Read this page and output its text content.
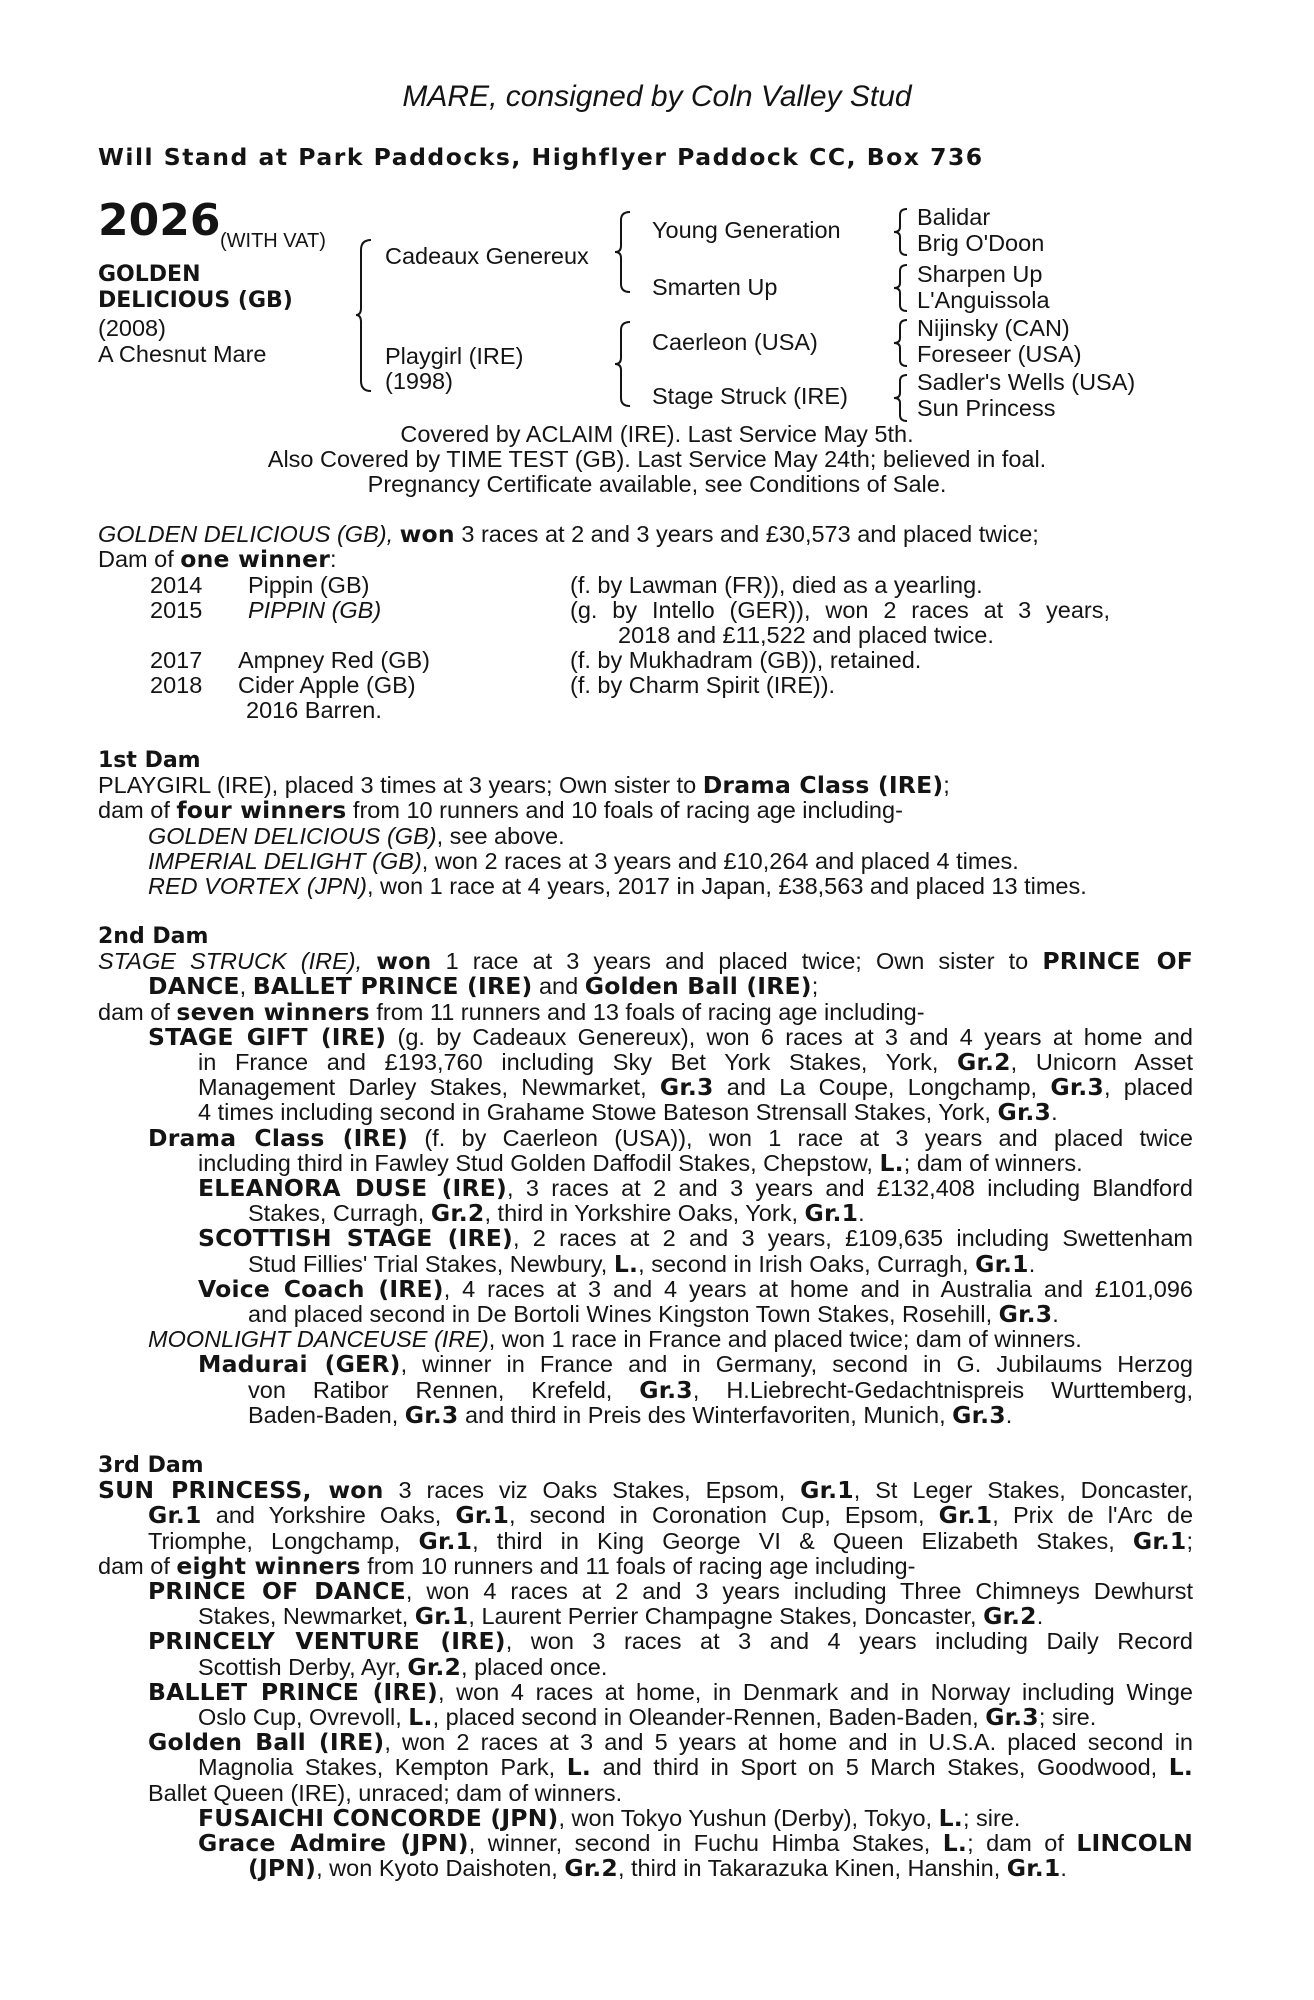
MARE, consigned by Coln Valley Stud
Will Stand at Park Paddocks, Highflyer Paddock CC, Box 736
2026 (WITH VAT)
GOLDEN
DELICIOUS (GB)
(2008)
A Chesnut Mare
Cadeaux Genereux
Playgirl (IRE)
(1998)
Young Generation
Smarten Up
Caerleon (USA)
Stage Struck (IRE)
Balidar
Brig O'Doon
Sharpen Up
L'Anguissola
Nijinsky (CAN)
Foreseer (USA)
Sadler's Wells (USA)
Sun Princess
Covered by ACLAIM (IRE). Last Service May 5th.
Also Covered by TIME TEST (GB). Last Service May 24th; believed in foal.
Pregnancy Certificate available, see Conditions of Sale.
GOLDEN DELICIOUS (GB), won 3 races at 2 and 3 years and £30,573 and placed twice;
Dam of one winner:
2014 Pippin (GB)	(f. by Lawman (FR)), died as a yearling.
2015 PIPPIN (GB)	(g. by Intello (GER)), won 2 races at 3 years,
2018 and £11,522 and placed twice.
2017 Ampney Red (GB)	(f. by Mukhadram (GB)), retained.
2018 Cider Apple (GB)	(f. by Charm Spirit (IRE)).
2016 Barren.
1st Dam
PLAYGIRL (IRE), placed 3 times at 3 years; Own sister to Drama Class (IRE);
dam of four winners from 10 runners and 10 foals of racing age including-
GOLDEN DELICIOUS (GB), see above.
IMPERIAL DELIGHT (GB), won 2 races at 3 years and £10,264 and placed 4 times.
RED VORTEX (JPN), won 1 race at 4 years, 2017 in Japan, £38,563 and placed 13 times.
2nd Dam
STAGE STRUCK (IRE), won 1 race at 3 years and placed twice; Own sister to PRINCE OF
DANCE, BALLET PRINCE (IRE) and Golden Ball (IRE);
dam of seven winners from 11 runners and 13 foals of racing age including-
STAGE GIFT (IRE) (g. by Cadeaux Genereux), won 6 races at 3 and 4 years at home and
in France and £193,760 including Sky Bet York Stakes, York, Gr.2, Unicorn Asset
Management Darley Stakes, Newmarket, Gr.3 and La Coupe, Longchamp, Gr.3, placed
4 times including second in Grahame Stowe Bateson Strensall Stakes, York, Gr.3.
Drama Class (IRE) (f. by Caerleon (USA)), won 1 race at 3 years and placed twice
including third in Fawley Stud Golden Daffodil Stakes, Chepstow, L.; dam of winners.
ELEANORA DUSE (IRE), 3 races at 2 and 3 years and £132,408 including Blandford
Stakes, Curragh, Gr.2, third in Yorkshire Oaks, York, Gr.1.
SCOTTISH STAGE (IRE), 2 races at 2 and 3 years, £109,635 including Swettenham
Stud Fillies' Trial Stakes, Newbury, L., second in Irish Oaks, Curragh, Gr.1.
Voice Coach (IRE), 4 races at 3 and 4 years at home and in Australia and £101,096
and placed second in De Bortoli Wines Kingston Town Stakes, Rosehill, Gr.3.
MOONLIGHT DANCEUSE (IRE), won 1 race in France and placed twice; dam of winners.
Madurai (GER), winner in France and in Germany, second in G. Jubilaums Herzog
von Ratibor Rennen, Krefeld, Gr.3, H.Liebrecht-Gedachtnispreis Wurttemberg,
Baden-Baden, Gr.3 and third in Preis des Winterfavoriten, Munich, Gr.3.
3rd Dam
SUN PRINCESS, won 3 races viz Oaks Stakes, Epsom, Gr.1, St Leger Stakes, Doncaster,
Gr.1 and Yorkshire Oaks, Gr.1, second in Coronation Cup, Epsom, Gr.1, Prix de l'Arc de
Triomphe, Longchamp, Gr.1, third in King George VI & Queen Elizabeth Stakes, Gr.1;
dam of eight winners from 10 runners and 11 foals of racing age including-
PRINCE OF DANCE, won 4 races at 2 and 3 years including Three Chimneys Dewhurst
Stakes, Newmarket, Gr.1, Laurent Perrier Champagne Stakes, Doncaster, Gr.2.
PRINCELY VENTURE (IRE), won 3 races at 3 and 4 years including Daily Record
Scottish Derby, Ayr, Gr.2, placed once.
BALLET PRINCE (IRE), won 4 races at home, in Denmark and in Norway including Winge
Oslo Cup, Ovrevoll, L., placed second in Oleander-Rennen, Baden-Baden, Gr.3; sire.
Golden Ball (IRE), won 2 races at 3 and 5 years at home and in U.S.A. placed second in
Magnolia Stakes, Kempton Park, L. and third in Sport on 5 March Stakes, Goodwood, L.
Ballet Queen (IRE), unraced; dam of winners.
FUSAICHI CONCORDE (JPN), won Tokyo Yushun (Derby), Tokyo, L.; sire.
Grace Admire (JPN), winner, second in Fuchu Himba Stakes, L.; dam of LINCOLN
(JPN), won Kyoto Daishoten, Gr.2, third in Takarazuka Kinen, Hanshin, Gr.1.
